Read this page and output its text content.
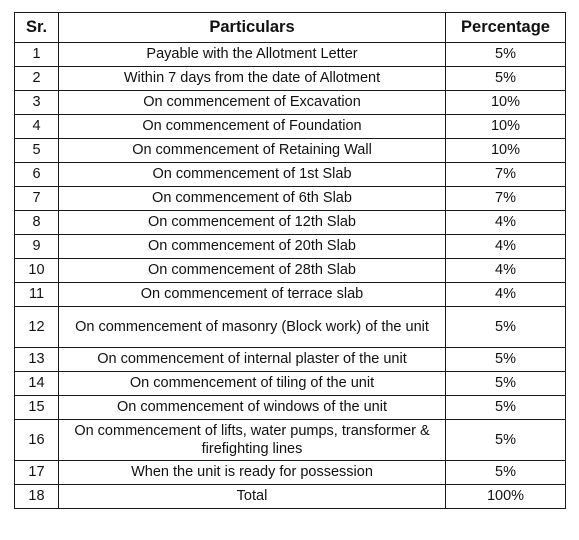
Sr.	Particulars	Percentage
1	Payable with the Allotment Letter	5%
2	Within 7 days from the date of Allotment	5%
3	On commencement of Excavation	10%
4	On commencement of Foundation	10%
5	On commencement of Retaining Wall	10%
6	On commencement of 1st Slab	7%
7	On commencement of 6th Slab	7%
8	On commencement of 12th Slab	4%
9	On commencement of 20th Slab	4%
10	On commencement of 28th Slab	4%
11	On commencement of terrace slab	4%
12	On commencement of masonry (Block work) of the unit	5%
13	On commencement of internal plaster of the unit	5%
14	On commencement of tiling of the unit	5%
15	On commencement of windows of the unit	5%
16	On commencement of lifts, water pumps, transformer & firefighting lines	5%
17	When the unit is ready for possession	5%
18	Total	100%
